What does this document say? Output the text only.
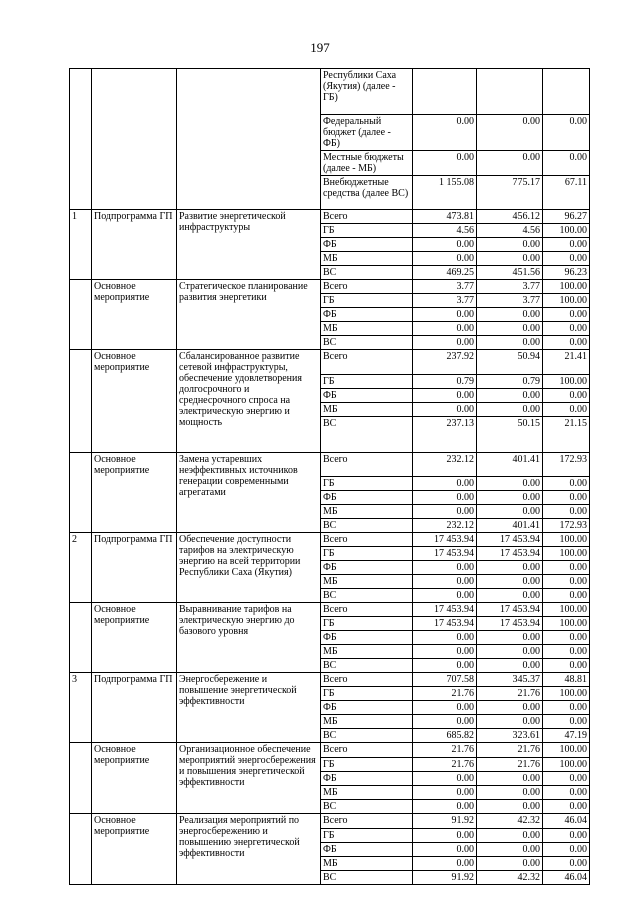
197
			Республики Саха (Якутия) (далее - ГБ)			
			Федеральный бюджет (далее - ФБ)	0.00	0.00	0.00
			Местные бюджеты (далее - МБ)	0.00	0.00	0.00
			Внебюджетные средства (далее ВС)	1 155.08	775.17	67.11
1	Подпрограмма ГП	Развитие энергетической инфраструктуры	Всего	473.81	456.12	96.27
			ГБ	4.56	4.56	100.00
			ФБ	0.00	0.00	0.00
			МБ	0.00	0.00	0.00
			ВС	469.25	451.56	96.23
	Основное мероприятие	Стратегическое планирование развития энергетики	Всего	3.77	3.77	100.00
			ГБ	3.77	3.77	100.00
			ФБ	0.00	0.00	0.00
			МБ	0.00	0.00	0.00
			ВС	0.00	0.00	0.00
	Основное мероприятие	Сбалансированное развитие сетевой инфраструктуры, обеспечение удовлетворения долгосрочного и среднесрочного спроса на электрическую энергию и мощность	Всего	237.92	50.94	21.41
			ГБ	0.79	0.79	100.00
			ФБ	0.00	0.00	0.00
			МБ	0.00	0.00	0.00
			ВС	237.13	50.15	21.15
	Основное мероприятие	Замена устаревших неэффективных источников генерации современными агрегатами	Всего	232.12	401.41	172.93
			ГБ	0.00	0.00	0.00
			ФБ	0.00	0.00	0.00
			МБ	0.00	0.00	0.00
			ВС	232.12	401.41	172.93
2	Подпрограмма ГП	Обеспечение доступности тарифов на электрическую энергию на всей территории Республики Саха (Якутия)	Всего	17 453.94	17 453.94	100.00
			ГБ	17 453.94	17 453.94	100.00
			ФБ	0.00	0.00	0.00
			МБ	0.00	0.00	0.00
			ВС	0.00	0.00	0.00
	Основное мероприятие	Выравнивание тарифов на электрическую энергию до базового уровня	Всего	17 453.94	17 453.94	100.00
			ГБ	17 453.94	17 453.94	100.00
			ФБ	0.00	0.00	0.00
			МБ	0.00	0.00	0.00
			ВС	0.00	0.00	0.00
3	Подпрограмма ГП	Энергосбережение и повышение энергетической эффективности	Всего	707.58	345.37	48.81
			ГБ	21.76	21.76	100.00
			ФБ	0.00	0.00	0.00
			МБ	0.00	0.00	0.00
			ВС	685.82	323.61	47.19
	Основное мероприятие	Организационное обеспечение мероприятий энергосбережения и повышения энергетической эффективности	Всего	21.76	21.76	100.00
			ГБ	21.76	21.76	100.00
			ФБ	0.00	0.00	0.00
			МБ	0.00	0.00	0.00
			ВС	0.00	0.00	0.00
	Основное мероприятие	Реализация мероприятий по энергосбережению и повышению энергетической эффективности	Всего	91.92	42.32	46.04
			ГБ	0.00	0.00	0.00
			ФБ	0.00	0.00	0.00
			МБ	0.00	0.00	0.00
			ВС	91.92	42.32	46.04
